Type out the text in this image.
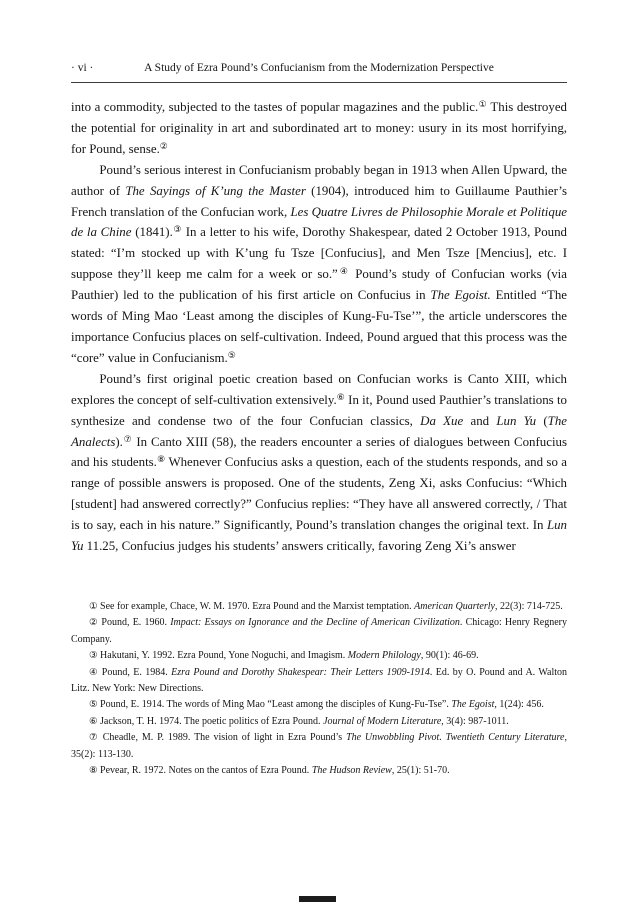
· vi ·	A Study of Ezra Pound’s Confucianism from the Modernization Perspective

into a commodity, subjected to the tastes of popular magazines and the public.① This destroyed the potential for originality in art and subordinated art to money: usury in its most horrifying, for Pound, sense.②

Pound’s serious interest in Confucianism probably began in 1913 when Allen Upward, the author of The Sayings of K’ung the Master (1904), introduced him to Guillaume Pauthier’s French translation of the Confucian work, Les Quatre Livres de Philosophie Morale et Politique de la Chine (1841).③ In a letter to his wife, Dorothy Shakespear, dated 2 October 1913, Pound stated: “I’m stocked up with K’ung fu Tsze [Confucius], and Men Tsze [Mencius], etc. I suppose they’ll keep me calm for a week or so.”④ Pound’s study of Confucian works (via Pauthier) led to the publication of his first article on Confucius in The Egoist. Entitled “The words of Ming Mao ‘Least among the disciples of Kung-Fu-Tse’”, the article underscores the importance Confucius places on self-cultivation. Indeed, Pound argued that this process was the “core” value in Confucianism.⑤

Pound’s first original poetic creation based on Confucian works is Canto XIII, which explores the concept of self-cultivation extensively.⑥ In it, Pound used Pauthier’s translations to synthesize and condense two of the four Confucian classics, Da Xue and Lun Yu (The Analects).⑦ In Canto XIII (58), the readers encounter a series of dialogues between Confucius and his students.⑧ Whenever Confucius asks a question, each of the students responds, and so a range of possible answers is proposed. One of the students, Zeng Xi, asks Confucius: “Which [student] had answered correctly?” Confucius replies: “They have all answered correctly, / That is to say, each in his nature.” Significantly, Pound’s translation changes the original text. In Lun Yu 11.25, Confucius judges his students’ answers critically, favoring Zeng Xi’s answer

① See for example, Chace, W. M. 1970. Ezra Pound and the Marxist temptation. American Quarterly, 22(3): 714-725.

② Pound, E. 1960. Impact: Essays on Ignorance and the Decline of American Civilization. Chicago: Henry Regnery Company.

③ Hakutani, Y. 1992. Ezra Pound, Yone Noguchi, and Imagism. Modern Philology, 90(1): 46-69.

④ Pound, E. 1984. Ezra Pound and Dorothy Shakespear: Their Letters 1909-1914. Ed. by O. Pound and A. Walton Litz. New York: New Directions.

⑤ Pound, E. 1914. The words of Ming Mao “Least among the disciples of Kung-Fu-Tse”. The Egoist, 1(24): 456.

⑥ Jackson, T. H. 1974. The poetic politics of Ezra Pound. Journal of Modern Literature, 3(4): 987-1011.

⑦ Cheadle, M. P. 1989. The vision of light in Ezra Pound’s The Unwobbling Pivot. Twentieth Century Literature, 35(2): 113-130.

⑧ Pevear, R. 1972. Notes on the cantos of Ezra Pound. The Hudson Review, 25(1): 51-70.
